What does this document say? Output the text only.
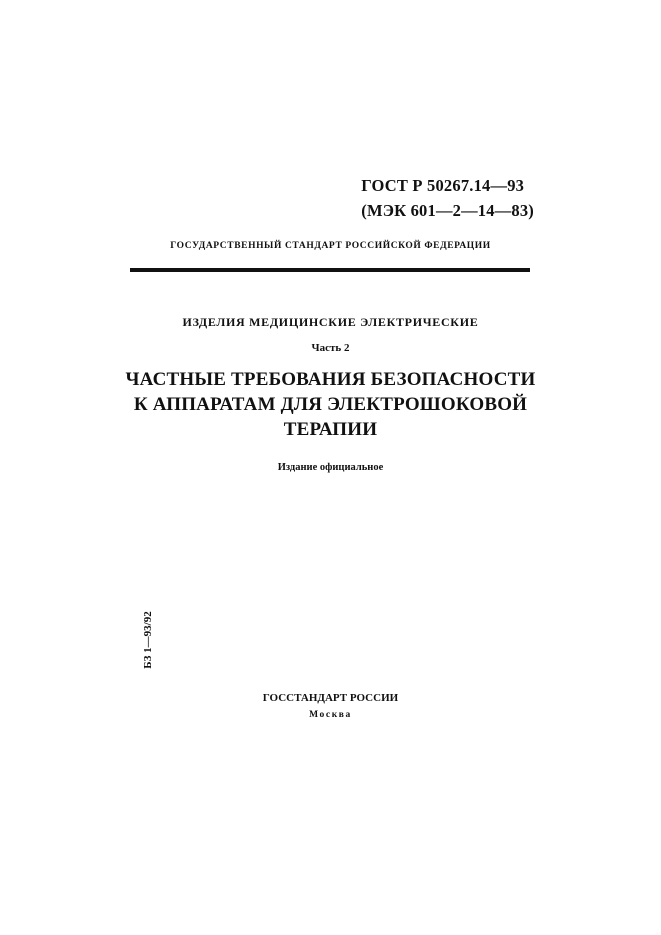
ГОСТ Р 50267.14—93
(МЭК 601—2—14—83)
ГОСУДАРСТВЕННЫЙ СТАНДАРТ РОССИЙСКОЙ ФЕДЕРАЦИИ
ИЗДЕЛИЯ МЕДИЦИНСКИЕ ЭЛЕКТРИЧЕСКИЕ
Часть 2
ЧАСТНЫЕ ТРЕБОВАНИЯ БЕЗОПАСНОСТИ
К АППАРАТАМ ДЛЯ ЭЛЕКТРОШОКОВОЙ
ТЕРАПИИ
Издание официальное
БЗ 1—93/92
ГОССТАНДАРТ РОССИИ
Москва
